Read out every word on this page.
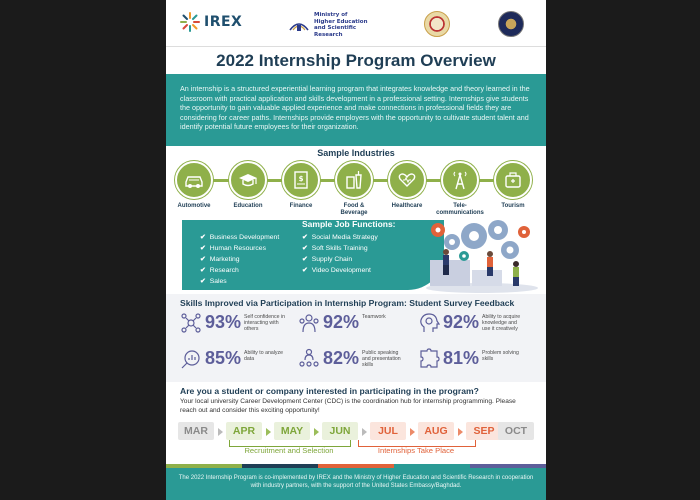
IREX	Ministry of
Higher Education
and Scientific Research
2022 Internship Program Overview
An internship is a structured experiential learning program that integrates knowledge and theory learned in the classroom with practical application and skills development in a professional setting. Internships give students the opportunity to gain valuable applied experience and make connections in professional fields they are considering for career paths. Internships provide employers with the opportunity to cultivate student talent and identify potential future employees for their organization.
Sample Industries
Automotive	Education
$
Finance	Food & Beverage
Healthcare	Tele-communications
Tourism
Sample Job Functions:
✔ Business Development
✔ Human Resources
✔ Marketing
✔ Research
✔ Sales
✔ Social Media Strategy
✔ Soft Skills Training
✔ Supply Chain
✔ Video Development
Skills Improved via Participation in Internship Program: Student Survey Feedback
93% Self confidence in interacting with others	92% Teamwork	92% Ability to acquire knowledge and use it creatively
85% Ability to analyze data	82% Public speaking and presentation skills	81% Problem solving skills
Are you a student or company interested in participating in the program?
Your local university Career Development Center (CDC) is the coordination hub for internship programming. Please reach out and consider this exciting opportunity!
MAR	APR	MAY	JUN	JUL	AUG	SEP OCT
Recruitment and Selection	Internships Take Place
The 2022 Internship Program is co-implemented by IREX and the Ministry of Higher Education and Scientific Research in cooperation with industry partners, with the support of the United States Embassy/Baghdad.
